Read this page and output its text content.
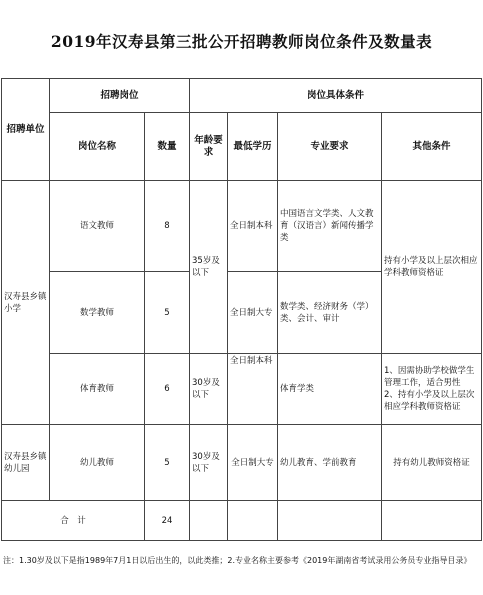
2019年汉寿县第三批公开招聘教师岗位条件及数量表
招聘单位	招聘岗位		岗位具体条件			
	岗位名称	数量	年龄要求	最低学历	专业要求	其他条件
汉寿县乡镇小学	语文教师	8	35岁及以下	全日制本科	中国语言文学类、人文教育（汉语言）新闻传播学类	持有小学及以上层次相应学科教师资格证
	数学教师	5		全日制大专	数学类、经济财务（学）类、会计、审计	
	体育教师	6	30岁及以下	全日制本科	体育学类	1、因需协助学校做学生管理工作，适合男性
2、持有小学及以上层次相应学科教师资格证
汉寿县乡镇幼儿园	幼儿教师	5	30岁及以下	全日制大专	幼儿教育、学前教育	持有幼儿教师资格证
合　计		24				
注：1.30岁及以下是指1989年7月1日以后出生的，以此类推；2.专业名称主要参考《2019年湖南省考试录用公务员专业指导目录》
